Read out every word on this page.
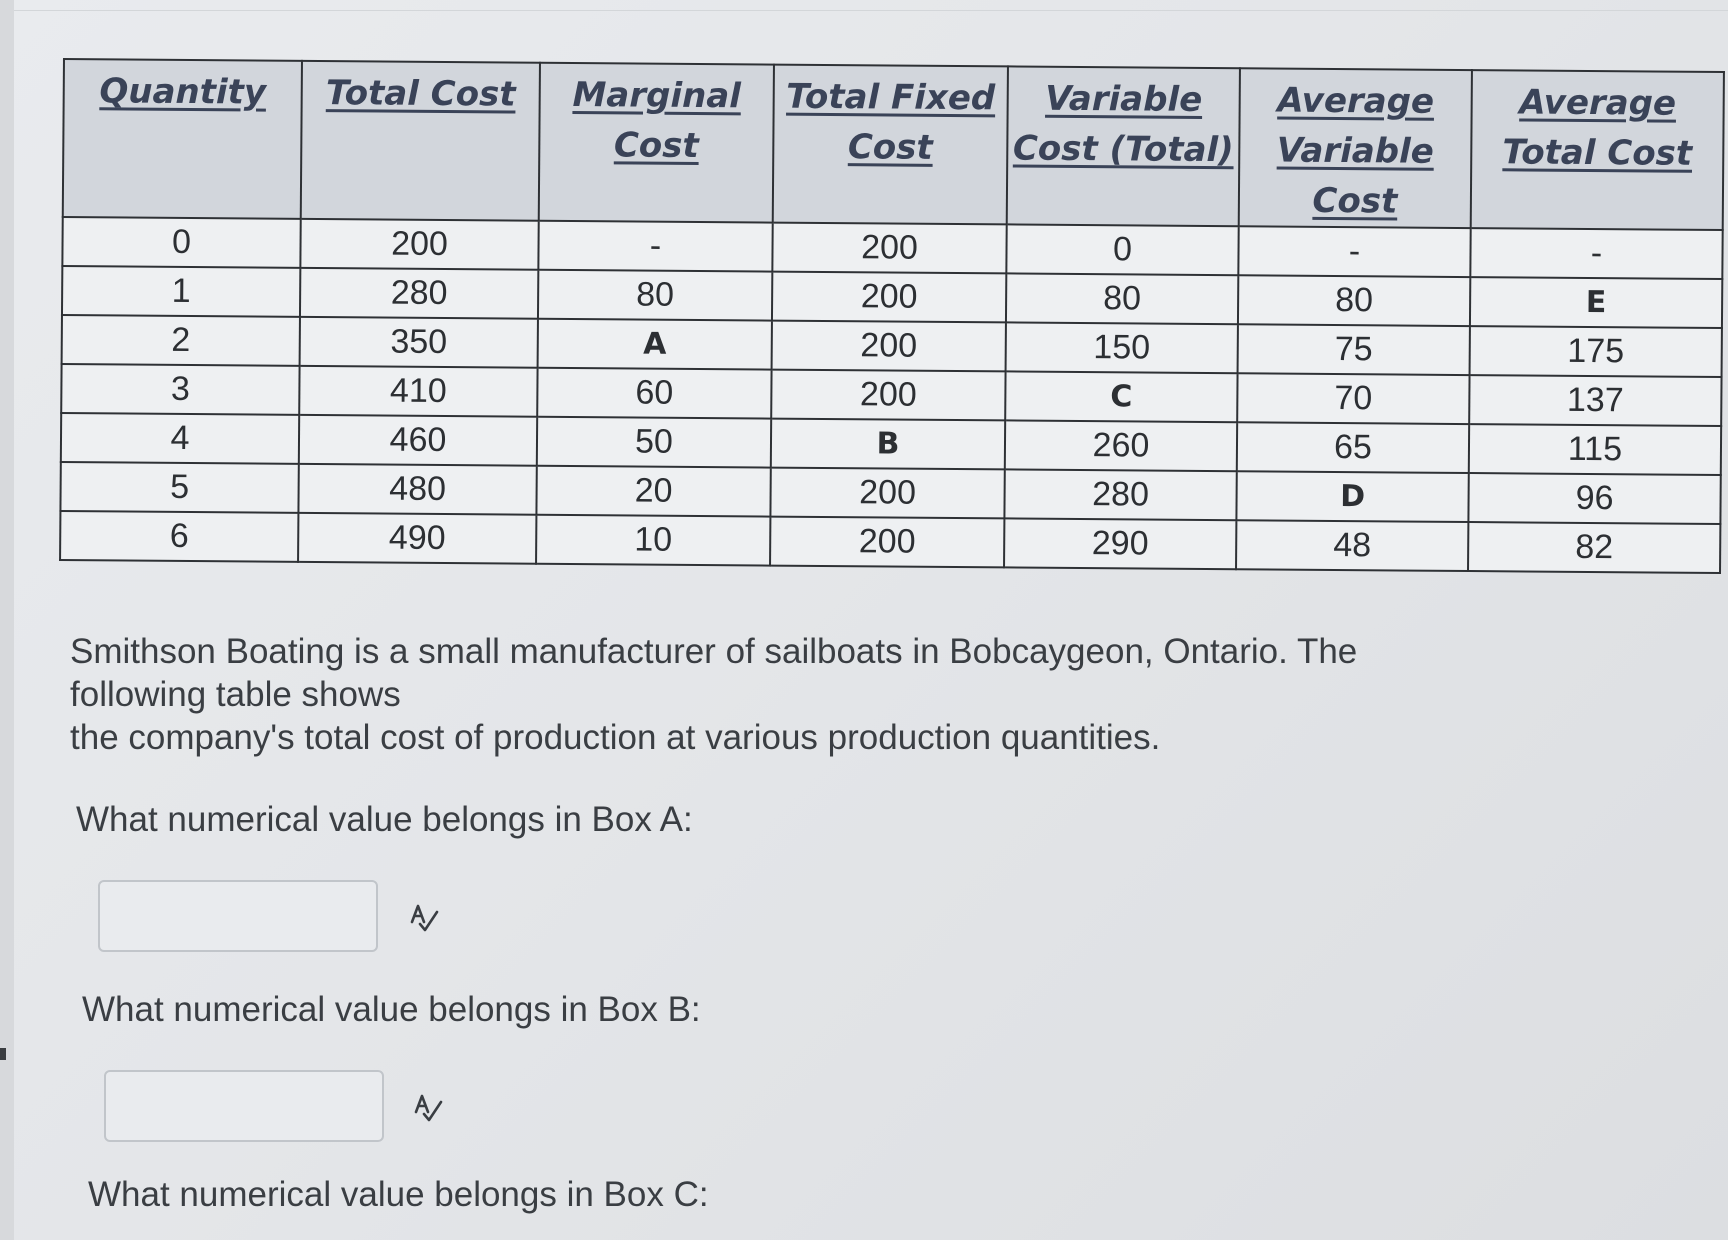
Quantity	Total Cost	Marginal Cost	Total Fixed Cost	Variable Cost (Total)	Average Variable Cost	Average Total Cost
0	200	-	200	0	-	-
1	280	80	200	80	80	E
2	350	A	200	150	75	175
3	410	60	200	C	70	137
4	460	50	B	260	65	115
5	480	20	200	280	D	96
6	490	10	200	290	48	82

Smithson Boating is a small manufacturer of sailboats in Bobcaygeon, Ontario. The
following table shows
the company's total cost of production at various production quantities.

What numerical value belongs in Box A:

What numerical value belongs in Box B:

What numerical value belongs in Box C:
